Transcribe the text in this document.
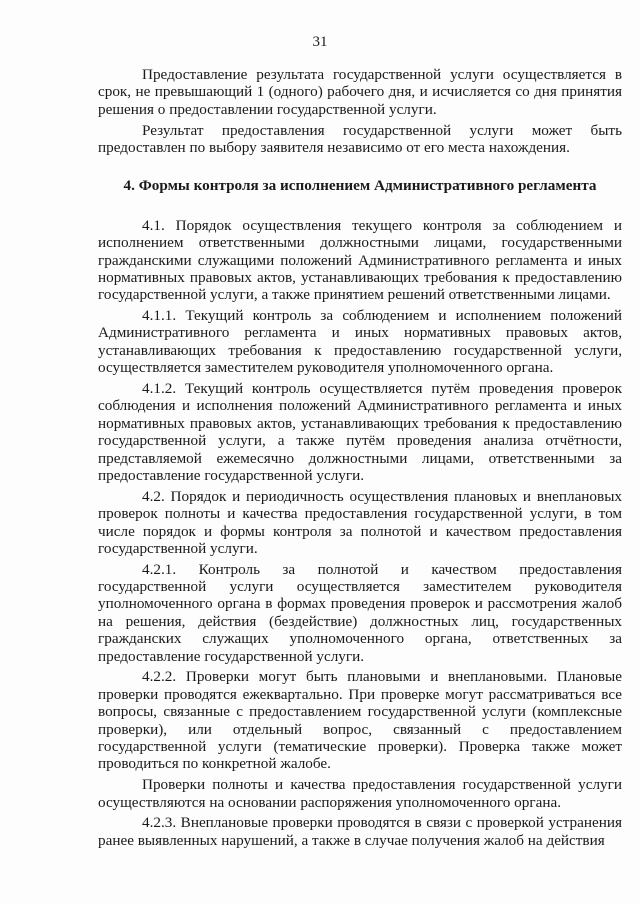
31

Предоставление результата государственной услуги осуществляется в срок, не превышающий 1 (одного) рабочего дня, и исчисляется со дня принятия решения о предоставлении государственной услуги.

Результат предоставления государственной услуги может быть предоставлен по выбору заявителя независимо от его места нахождения.

4. Формы контроля за исполнением Административного регламента

4.1. Порядок осуществления текущего контроля за соблюдением и исполнением ответственными должностными лицами, государственными гражданскими служащими положений Административного регламента и иных нормативных правовых актов, устанавливающих требования к предоставлению государственной услуги, а также принятием решений ответственными лицами.

4.1.1. Текущий контроль за соблюдением и исполнением положений Административного регламента и иных нормативных правовых актов, устанавливающих требования к предоставлению государственной услуги, осуществляется заместителем руководителя уполномоченного органа.

4.1.2. Текущий контроль осуществляется путём проведения проверок соблюдения и исполнения положений Административного регламента и иных нормативных правовых актов, устанавливающих требования к предоставлению государственной услуги, а также путём проведения анализа отчётности, представляемой ежемесячно должностными лицами, ответственными за предоставление государственной услуги.

4.2. Порядок и периодичность осуществления плановых и внеплановых проверок полноты и качества предоставления государственной услуги, в том числе порядок и формы контроля за полнотой и качеством предоставления государственной услуги.

4.2.1. Контроль за полнотой и качеством предоставления государственной услуги осуществляется заместителем руководителя уполномоченного органа в формах проведения проверок и рассмотрения жалоб на решения, действия (бездействие) должностных лиц, государственных гражданских служащих уполномоченного органа, ответственных за предоставление государственной услуги.

4.2.2. Проверки могут быть плановыми и внеплановыми. Плановые проверки проводятся ежеквартально. При проверке могут рассматриваться все вопросы, связанные с предоставлением государственной услуги (комплексные проверки), или отдельный вопрос, связанный с предоставлением государственной услуги (тематические проверки). Проверка также может проводиться по конкретной жалобе.

Проверки полноты и качества предоставления государственной услуги осуществляются на основании распоряжения уполномоченного органа.

4.2.3. Внеплановые проверки проводятся в связи с проверкой устранения ранее выявленных нарушений, а также в случае получения жалоб на действия
